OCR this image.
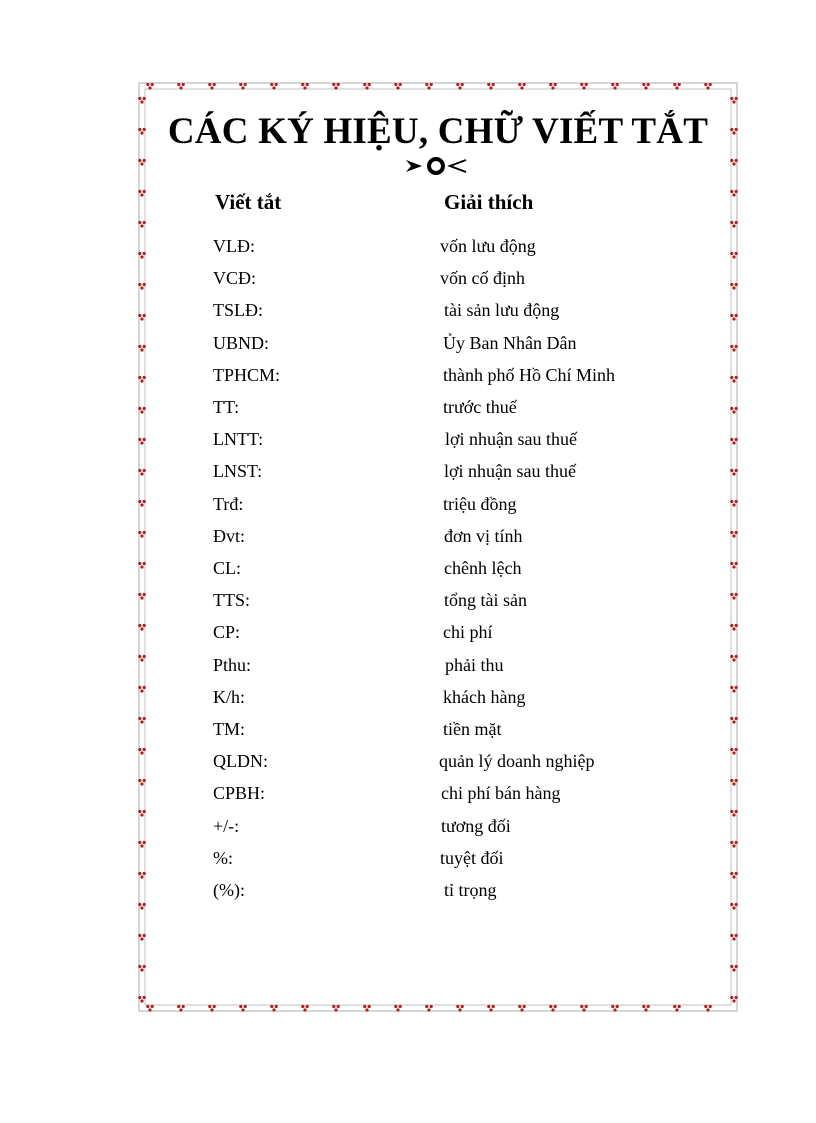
CÁC KÝ HIỆU, CHỮ VIẾT TẮT
Viết tắt	Giải thích
VLĐ:	vốn lưu động
VCĐ:	vốn cố định
TSLĐ:	tài sản lưu động
UBND:	Ủy Ban Nhân Dân
TPHCM:	thành phố Hồ Chí Minh
TT:	trước thuế
LNTT:	lợi nhuận sau thuế
LNST:	lợi nhuận sau thuế
Trđ:	triệu đồng
Đvt:	đơn vị tính
CL:	chênh lệch
TTS:	tổng tài sản
CP:	chi phí
Pthu:	phải thu
K/h:	khách hàng
TM:	tiền mặt
QLDN:	quản lý doanh nghiệp
CPBH:	chi phí bán hàng
+/-:	tương đối
%:	tuyệt đối
(%):	tỉ trọng
